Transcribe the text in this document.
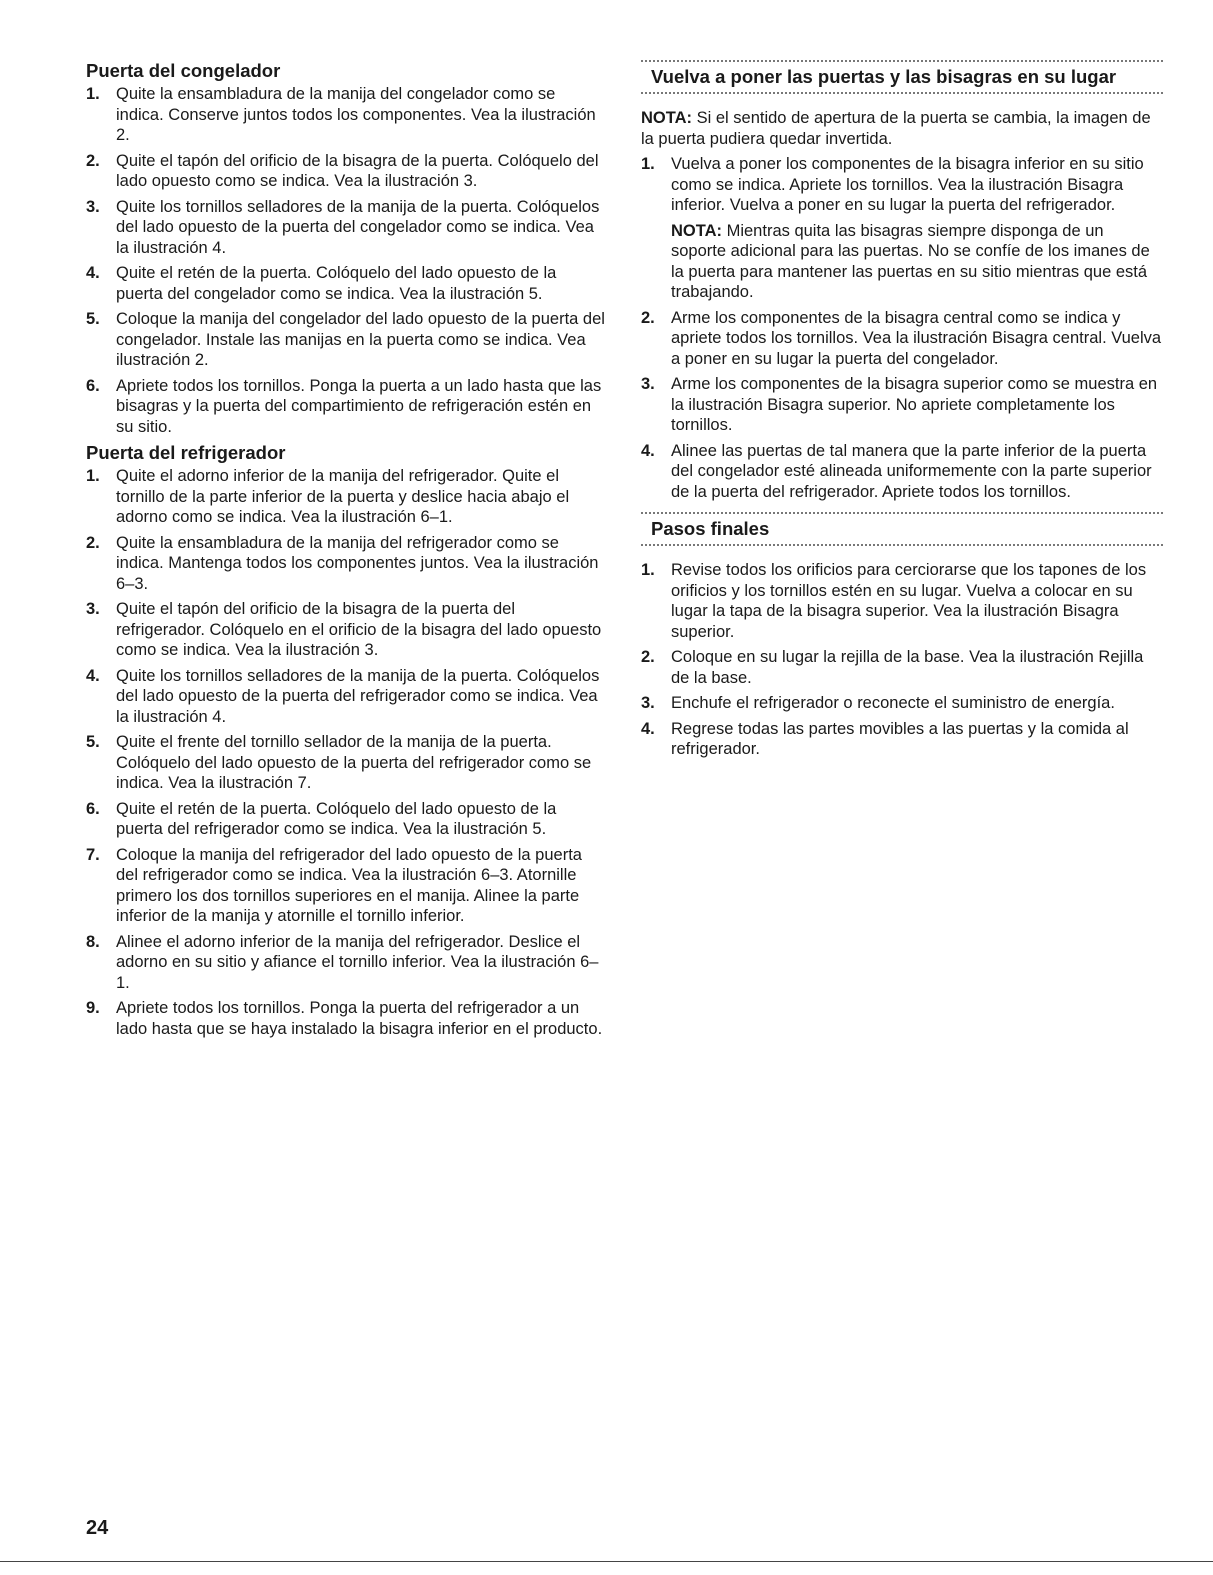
Puerta del congelador
1. Quite la ensambladura de la manija del congelador como se indica. Conserve juntos todos los componentes. Vea la ilustración 2.
2. Quite el tapón del orificio de la bisagra de la puerta. Colóquelo del lado opuesto como se indica. Vea la ilustración 3.
3. Quite los tornillos selladores de la manija de la puerta. Colóquelos del lado opuesto de la puerta del congelador como se indica. Vea la ilustración 4.
4. Quite el retén de la puerta. Colóquelo del lado opuesto de la puerta del congelador como se indica. Vea la ilustración 5.
5. Coloque la manija del congelador del lado opuesto de la puerta del congelador. Instale las manijas en la puerta como se indica. Vea ilustración 2.
6. Apriete todos los tornillos. Ponga la puerta a un lado hasta que las bisagras y la puerta del compartimiento de refrigeración estén en su sitio.
Puerta del refrigerador
1. Quite el adorno inferior de la manija del refrigerador. Quite el tornillo de la parte inferior de la puerta y deslice hacia abajo el adorno como se indica. Vea la ilustración 6–1.
2. Quite la ensambladura de la manija del refrigerador como se indica. Mantenga todos los componentes juntos. Vea la ilustración 6–3.
3. Quite el tapón del orificio de la bisagra de la puerta del refrigerador. Colóquelo en el orificio de la bisagra del lado opuesto como se indica. Vea la ilustración 3.
4. Quite los tornillos selladores de la manija de la puerta. Colóquelos del lado opuesto de la puerta del refrigerador como se indica. Vea la ilustración 4.
5. Quite el frente del tornillo sellador de la manija de la puerta. Colóquelo del lado opuesto de la puerta del refrigerador como se indica. Vea la ilustración 7.
6. Quite el retén de la puerta. Colóquelo del lado opuesto de la puerta del refrigerador como se indica. Vea la ilustración 5.
7. Coloque la manija del refrigerador del lado opuesto de la puerta del refrigerador como se indica. Vea la ilustración 6–3. Atornille primero los dos tornillos superiores en el manija. Alinee la parte inferior de la manija y atornille el tornillo inferior.
8. Alinee el adorno inferior de la manija del refrigerador. Deslice el adorno en su sitio y afiance el tornillo inferior. Vea la ilustración 6–1.
9. Apriete todos los tornillos. Ponga la puerta del refrigerador a un lado hasta que se haya instalado la bisagra inferior en el producto.
Vuelva a poner las puertas y las bisagras en su lugar

NOTA: Si el sentido de apertura de la puerta se cambia, la imagen de la puerta pudiera quedar invertida.

1. Vuelva a poner los componentes de la bisagra inferior en su sitio como se indica. Apriete los tornillos. Vea la ilustración Bisagra inferior. Vuelva a poner en su lugar la puerta del refrigerador.
NOTA: Mientras quita las bisagras siempre disponga de un soporte adicional para las puertas. No se confíe de los imanes de la puerta para mantener las puertas en su sitio mientras que está trabajando.
2. Arme los componentes de la bisagra central como se indica y apriete todos los tornillos. Vea la ilustración Bisagra central. Vuelva a poner en su lugar la puerta del congelador.
3. Arme los componentes de la bisagra superior como se muestra en la ilustración Bisagra superior. No apriete completamente los tornillos.
4. Alinee las puertas de tal manera que la parte inferior de la puerta del congelador esté alineada uniformemente con la parte superior de la puerta del refrigerador. Apriete todos los tornillos.
Pasos finales
1. Revise todos los orificios para cerciorarse que los tapones de los orificios y los tornillos estén en su lugar. Vuelva a colocar en su lugar la tapa de la bisagra superior. Vea la ilustración Bisagra superior.
2. Coloque en su lugar la rejilla de la base. Vea la ilustración Rejilla de la base.
3. Enchufe el refrigerador o reconecte el suministro de energía.
4. Regrese todas las partes movibles a las puertas y la comida al refrigerador.
24
